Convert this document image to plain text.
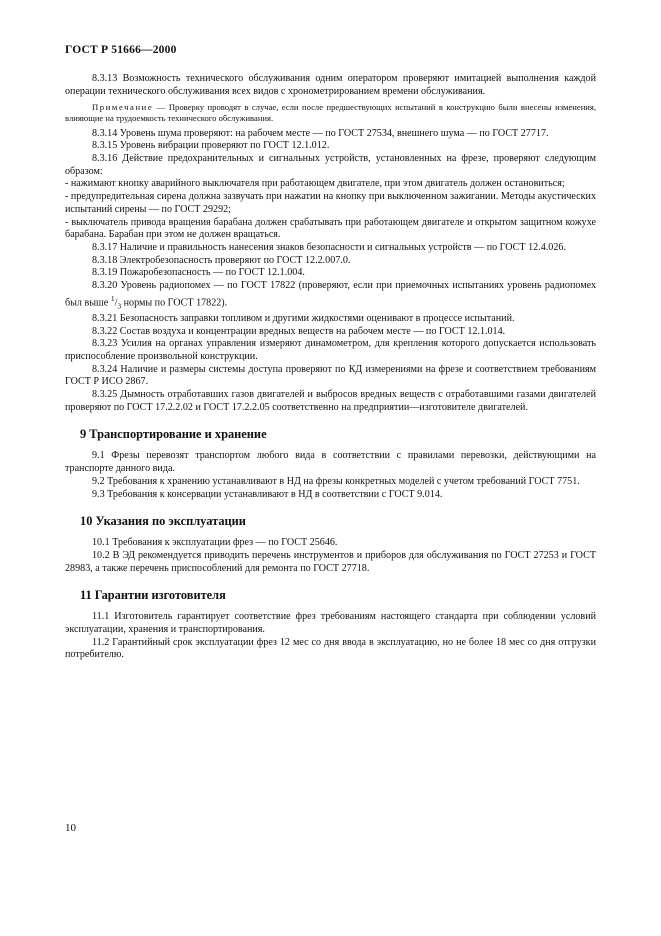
ГОСТ Р 51666—2000

8.3.13 Возможность технического обслуживания одним оператором проверяют имитацией выполнения каждой операции технического обслуживания всех видов с хронометрированием времени обслуживания.

Примечание — Проверку проводят в случае, если после предшествующих испытаний в конструкцию были внесены изменения, влияющие на трудоемкость технического обслуживания.

8.3.14 Уровень шума проверяют: на рабочем месте — по ГОСТ 27534, внешнего шума — по ГОСТ 27717.

8.3.15 Уровень вибрации проверяют по ГОСТ 12.1.012.

8.3.16 Действие предохранительных и сигнальных устройств, установленных на фрезе, проверяют следующим образом:

- нажимают кнопку аварийного выключателя при работающем двигателе, при этом двигатель должен остановиться;

- предупредительная сирена должна зазвучать при нажатии на кнопку при выключенном зажигании. Методы акустических испытаний сирены — по ГОСТ 29292;

- выключатель привода вращения барабана должен срабатывать при работающем двигателе и открытом защитном кожухе барабана. Барабан при этом не должен вращаться.

8.3.17 Наличие и правильность нанесения знаков безопасности и сигнальных устройств — по ГОСТ 12.4.026.

8.3.18 Электробезопасность проверяют по ГОСТ 12.2.007.0.

8.3.19 Пожаробезопасность — по ГОСТ 12.1.004.

8.3.20 Уровень радиопомех — по ГОСТ 17822 (проверяют, если при приемочных испытаниях уровень радиопомех был выше $^1/_3$ нормы по ГОСТ 17822).

8.3.21 Безопасность заправки топливом и другими жидкостями оценивают в процессе испытаний.

8.3.22 Состав воздуха и концентрации вредных веществ на рабочем месте — по ГОСТ 12.1.014.

8.3.23 Усилия на органах управления измеряют динамометром, для крепления которого допускается использовать приспособление произвольной конструкции.

8.3.24 Наличие и размеры системы доступа проверяют по КД измерениями на фрезе и соответствием требованиям ГОСТ Р ИСО 2867.

8.3.25 Дымность отработавших газов двигателей и выбросов вредных веществ с отработавшими газами двигателей проверяют по ГОСТ 17.2.2.02 и ГОСТ 17.2.2.05 соответственно на предприятии—изготовителе двигателей.

9 Транспортирование и хранение

9.1 Фрезы перевозят транспортом любого вида в соответствии с правилами перевозки, действующими на транспорте данного вида.

9.2 Требования к хранению устанавливают в НД на фрезы конкретных моделей с учетом требований ГОСТ 7751.

9.3 Требования к консервации устанавливают в НД в соответствии с ГОСТ 9.014.

10 Указания по эксплуатации

10.1 Требования к эксплуатации фрез — по ГОСТ 25646.

10.2 В ЭД рекомендуется приводить перечень инструментов и приборов для обслуживания по ГОСТ 27253 и ГОСТ 28983, а также перечень приспособлений для ремонта по ГОСТ 27718.

11 Гарантии изготовителя

11.1 Изготовитель гарантирует соответствие фрез требованиям настоящего стандарта при соблюдении условий эксплуатации, хранения и транспортирования.

11.2 Гарантийный срок эксплуатации фрез 12 мес со дня ввода в эксплуатацию, но не более 18 мес со дня отгрузки потребителю.

10
